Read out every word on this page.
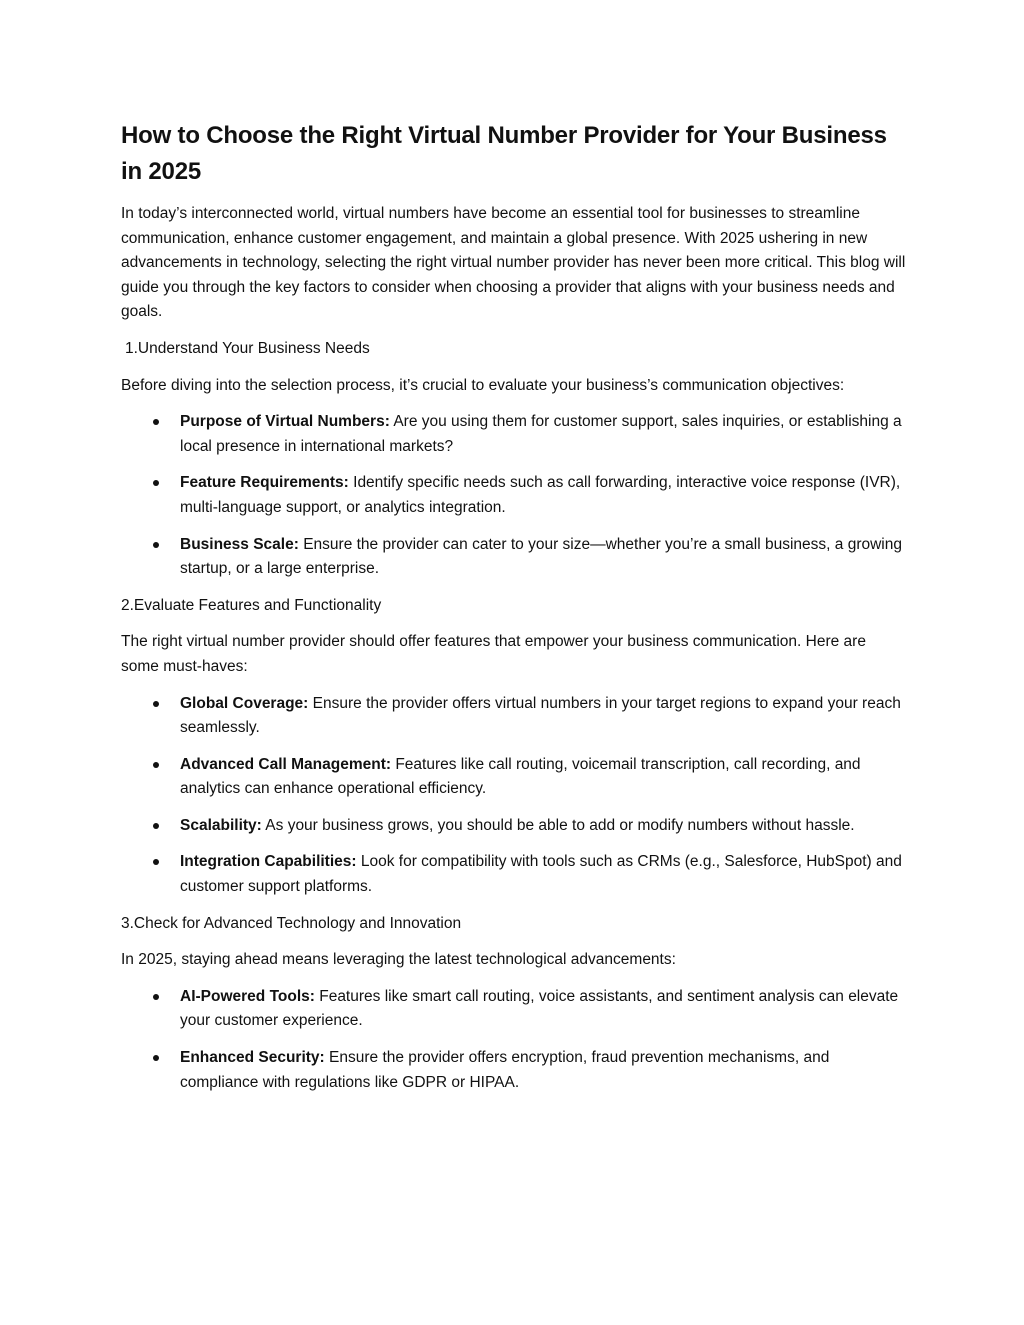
How to Choose the Right Virtual Number Provider for Your Business in 2025

In today’s interconnected world, virtual numbers have become an essential tool for businesses to streamline communication, enhance customer engagement, and maintain a global presence. With 2025 ushering in new advancements in technology, selecting the right virtual number provider has never been more critical. This blog will guide you through the key factors to consider when choosing a provider that aligns with your business needs and goals.

1.Understand Your Business Needs

Before diving into the selection process, it’s crucial to evaluate your business’s communication objectives:

Purpose of Virtual Numbers: Are you using them for customer support, sales inquiries, or establishing a local presence in international markets?
Feature Requirements: Identify specific needs such as call forwarding, interactive voice response (IVR), multi-language support, or analytics integration.
Business Scale: Ensure the provider can cater to your size—whether you’re a small business, a growing startup, or a large enterprise.

2.Evaluate Features and Functionality

The right virtual number provider should offer features that empower your business communication. Here are some must-haves:

Global Coverage: Ensure the provider offers virtual numbers in your target regions to expand your reach seamlessly.
Advanced Call Management: Features like call routing, voicemail transcription, call recording, and analytics can enhance operational efficiency.
Scalability: As your business grows, you should be able to add or modify numbers without hassle.
Integration Capabilities: Look for compatibility with tools such as CRMs (e.g., Salesforce, HubSpot) and customer support platforms.

3.Check for Advanced Technology and Innovation

In 2025, staying ahead means leveraging the latest technological advancements:

AI-Powered Tools: Features like smart call routing, voice assistants, and sentiment analysis can elevate your customer experience.
Enhanced Security: Ensure the provider offers encryption, fraud prevention mechanisms, and compliance with regulations like GDPR or HIPAA.
